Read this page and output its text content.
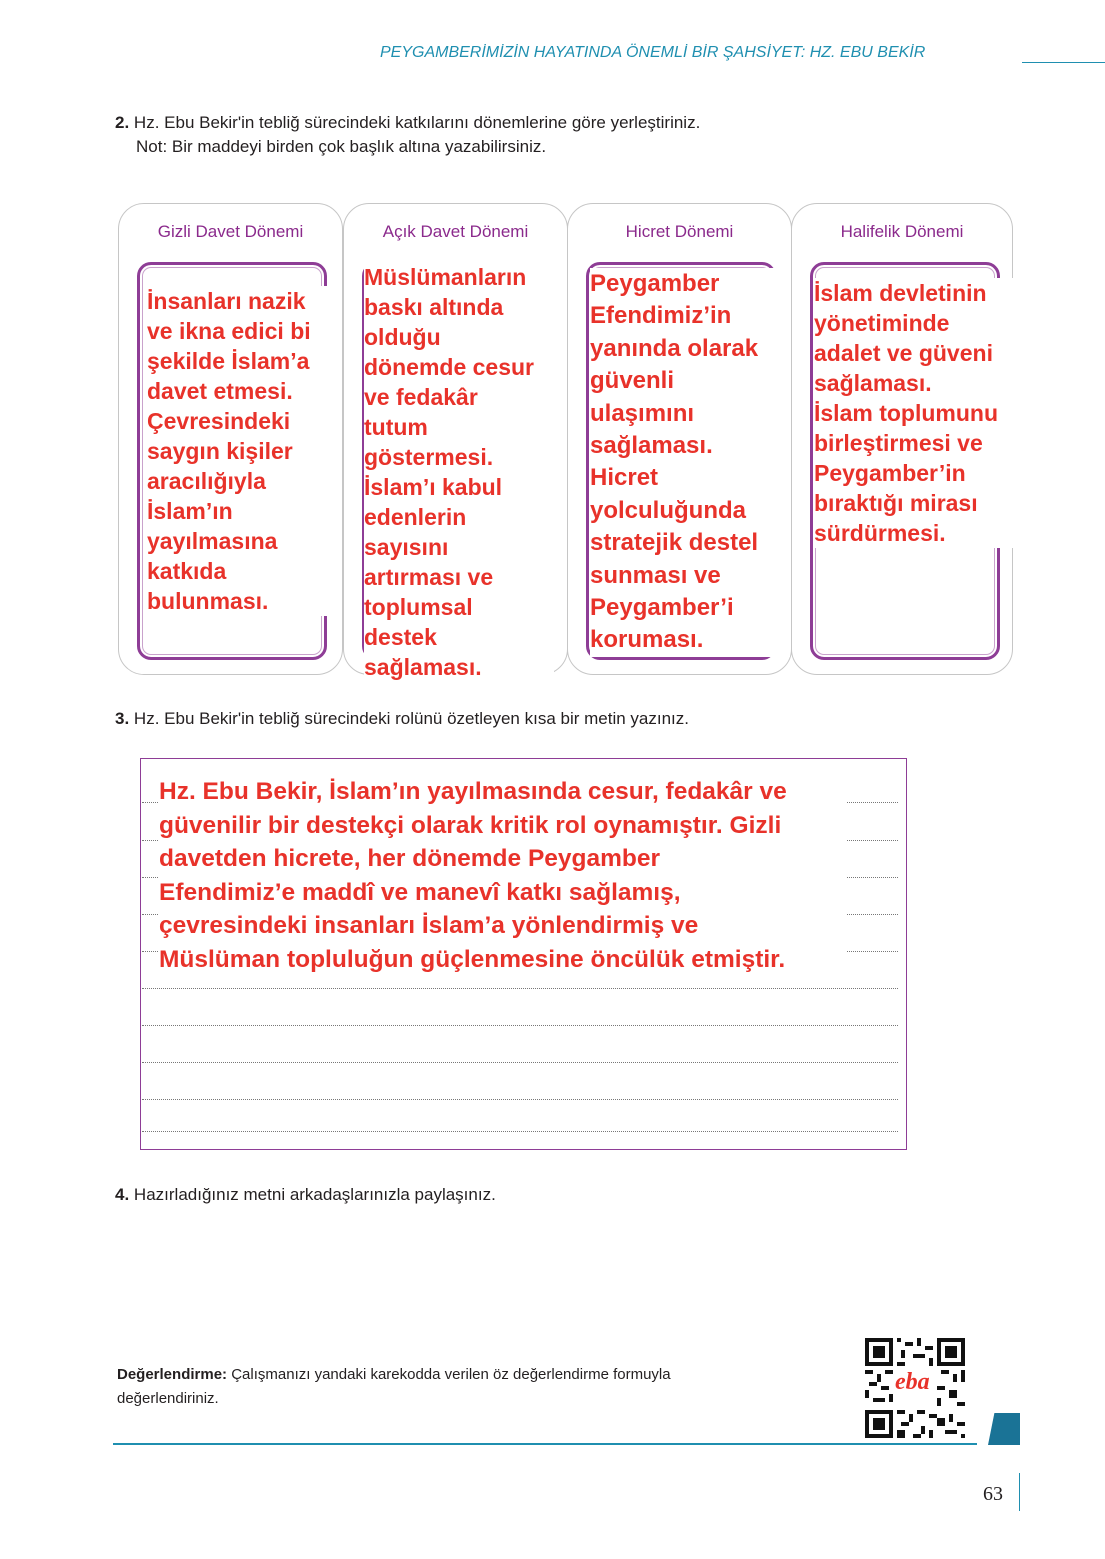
PEYGAMBERİMİZİN HAYATINDA ÖNEMLİ BİR ŞAHSİYET: HZ. EBU BEKİR
2. Hz. Ebu Bekir'in tebliğ sürecindeki katkılarını dönemlerine göre yerleştiriniz.
Not: Bir maddeyi birden çok başlık altına yazabilirsiniz.
Gizli Davet Dönemi
İnsanları nazik
ve ikna edici bi
şekilde İslam’a
davet etmesi.
Çevresindeki
saygın kişiler
aracılığıyla
İslam’ın
yayılmasına
katkıda
bulunması.
Açık Davet Dönemi
Müslümanların
baskı altında
olduğu
dönemde cesur
ve fedakâr
tutum
göstermesi.
İslam’ı kabul
edenlerin
sayısını
artırması ve
toplumsal
destek
sağlaması.
Hicret Dönemi
Peygamber
Efendimiz’in
yanında olarak
güvenli
ulaşımını
sağlaması.
Hicret
yolculuğunda
stratejik destel
sunması ve
Peygamber’i
koruması.
Halifelik Dönemi
İslam devletinin
yönetiminde
adalet ve güveni
sağlaması.
İslam toplumunu
birleştirmesi ve
Peygamber’in
bıraktığı mirası
sürdürmesi.
3. Hz. Ebu Bekir'in tebliğ sürecindeki rolünü özetleyen kısa bir metin yazınız.
Hz. Ebu Bekir, İslam’ın yayılmasında cesur, fedakâr ve
güvenilir bir destekçi olarak kritik rol oynamıştır. Gizli
davetden hicrete, her dönemde Peygamber
Efendimiz’e maddî ve manevî katkı sağlamış,
çevresindeki insanları İslam’a yönlendirmiş ve
Müslüman topluluğun güçlenmesine öncülük etmiştir.
4. Hazırladığınız metni arkadaşlarınızla paylaşınız.
Değerlendirme: Çalışmanızı yandaki karekodda verilen öz değerlendirme formuyla
değerlendiriniz.
eba
63
